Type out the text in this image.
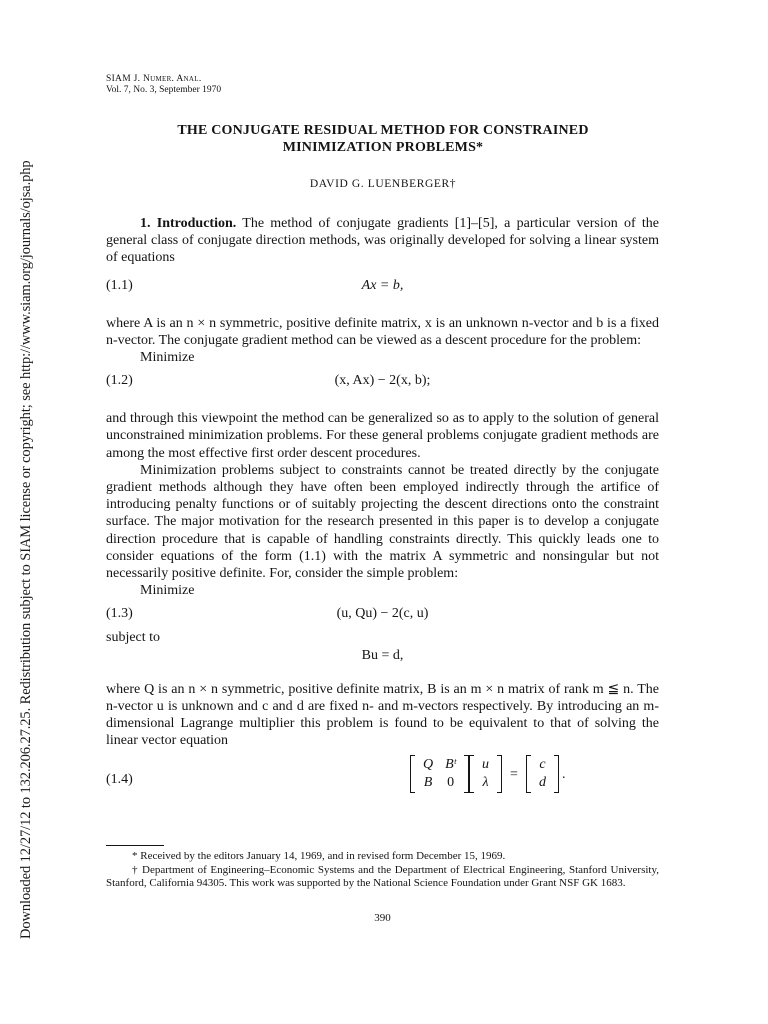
Downloaded 12/27/12 to 132.206.27.25. Redistribution subject to SIAM license or copyright; see http://www.siam.org/journals/ojsa.php
SIAM J. Numer. Anal.
Vol. 7, No. 3, September 1970
THE CONJUGATE RESIDUAL METHOD FOR CONSTRAINED
MINIMIZATION PROBLEMS*
DAVID G. LUENBERGER†

1. Introduction. The method of conjugate gradients [1]–[5], a particular version of the general class of conjugate direction methods, was originally developed for solving a linear system of equations

(1.1)	Ax = b,

where A is an n × n symmetric, positive definite matrix, x is an unknown n-vector and b is a fixed n-vector. The conjugate gradient method can be viewed as a descent procedure for the problem:

Minimize

(1.2)	(x, Ax) − 2(x, b);

and through this viewpoint the method can be generalized so as to apply to the solution of general unconstrained minimization problems. For these general problems conjugate gradient methods are among the most effective first order descent procedures.

Minimization problems subject to constraints cannot be treated directly by the conjugate gradient methods although they have often been employed indirectly through the artifice of introducing penalty functions or of suitably projecting the descent directions onto the constraint surface. The major motivation for the research presented in this paper is to develop a conjugate direction procedure that is capable of handling constraints directly. This quickly leads one to consider equations of the form (1.1) with the matrix A symmetric and nonsingular but not necessarily positive definite. For, consider the simple problem:

Minimize

(1.3)	(u, Qu) − 2(c, u)

subject to

Bu = d,

where Q is an n × n symmetric, positive definite matrix, B is an m × n matrix of rank m ≦ n. The n-vector u is unknown and c and d are fixed n- and m-vectors respectively. By introducing an m-dimensional Lagrange multiplier this problem is found to be equivalent to that of solving the linear vector equation

(1.4)
Q	Bᵗ
B	0
u
λ
=
c
d
.

* Received by the editors January 14, 1969, and in revised form December 15, 1969.

† Department of Engineering–Economic Systems and the Department of Electrical Engineering, Stanford University, Stanford, California 94305. This work was supported by the National Science Foundation under Grant NSF GK 1683.

390
